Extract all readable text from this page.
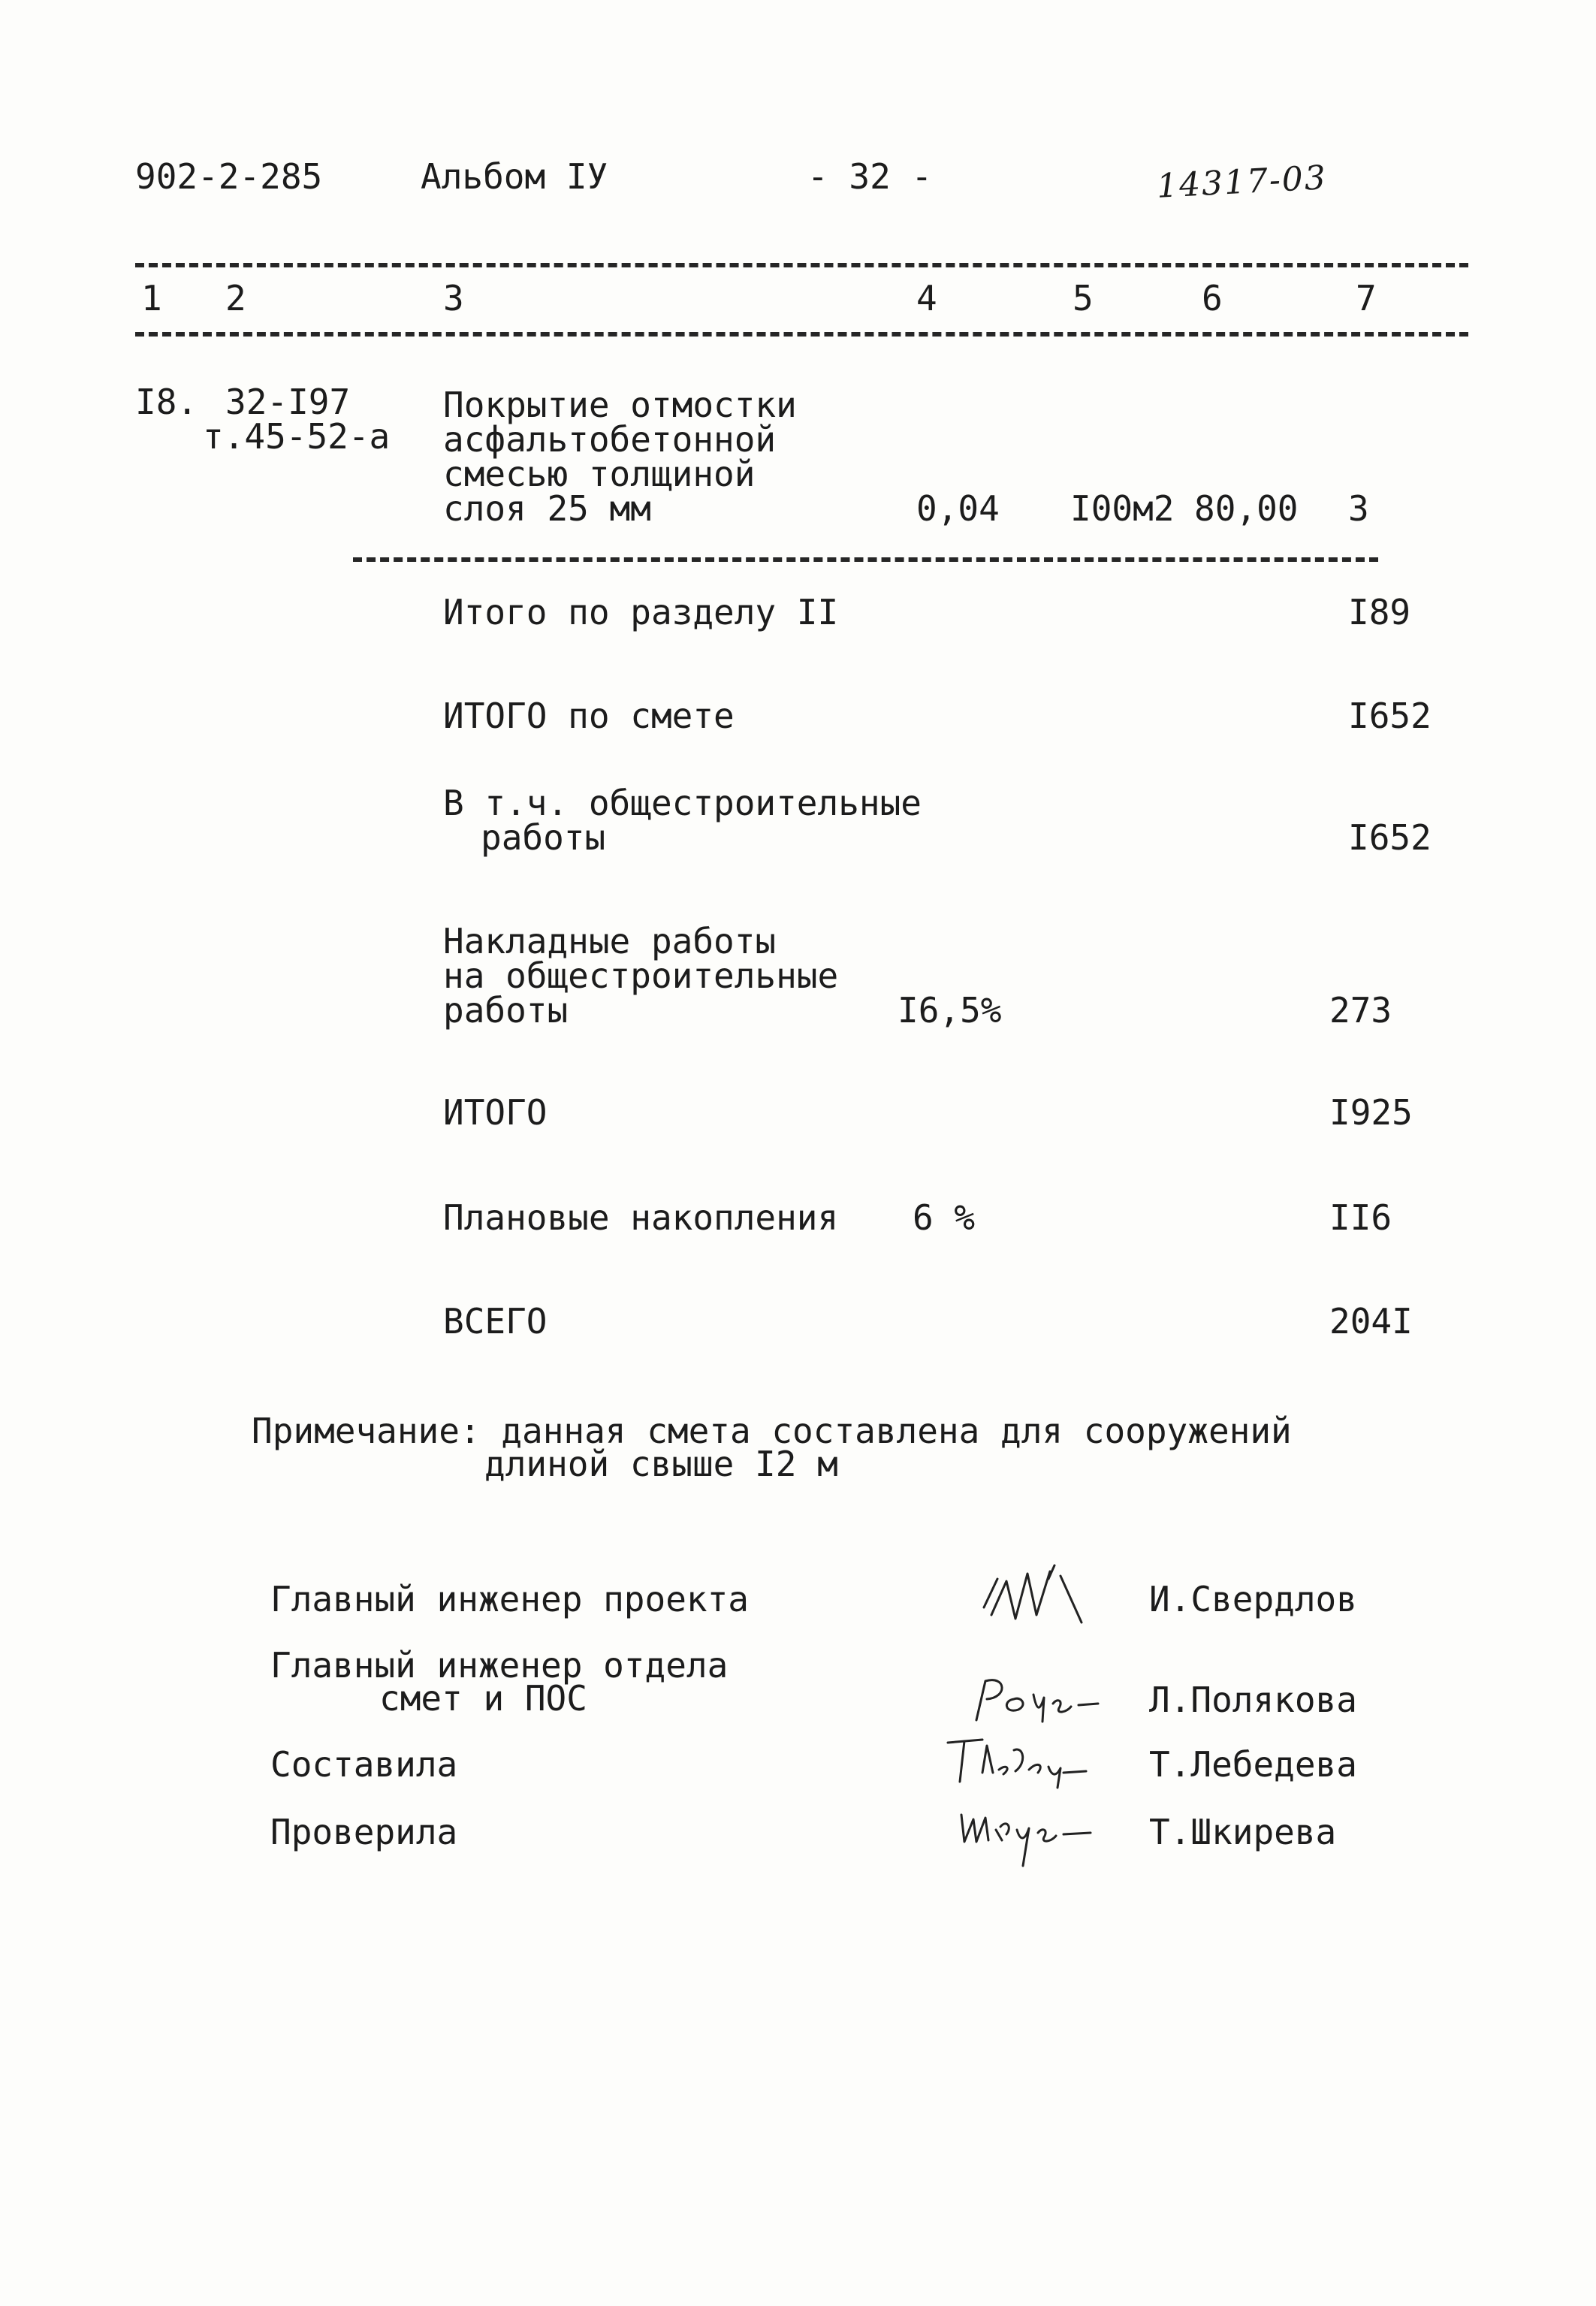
902-2-285	Альбом IУ	- 32 -	14317-03
1 2	3	4	5	6	7
I8. 32-I97
т.45-52-а
Покрытие отмостки
асфальтобетонной
смесью толщиной
слоя 25 мм	0,04 I00м2 80,00 3
Итого по разделу II	I89
ИТОГО по смете	I652
В т.ч. общестроительные
работы	I652
Накладные работы
на общестроительные
работы	I6,5%	273
ИТОГО	I925
Плановые накопления 6 %	II6
ВСЕГО	204I
Примечание: данная смета составлена для сооружений
длиной свыше I2 м
Главный инженер проекта	И.Свердлов
Главный инженер отдела
смет и ПОС	Л.Полякова
Составила	Т.Лебедева
Проверила	Т.Шкирева
